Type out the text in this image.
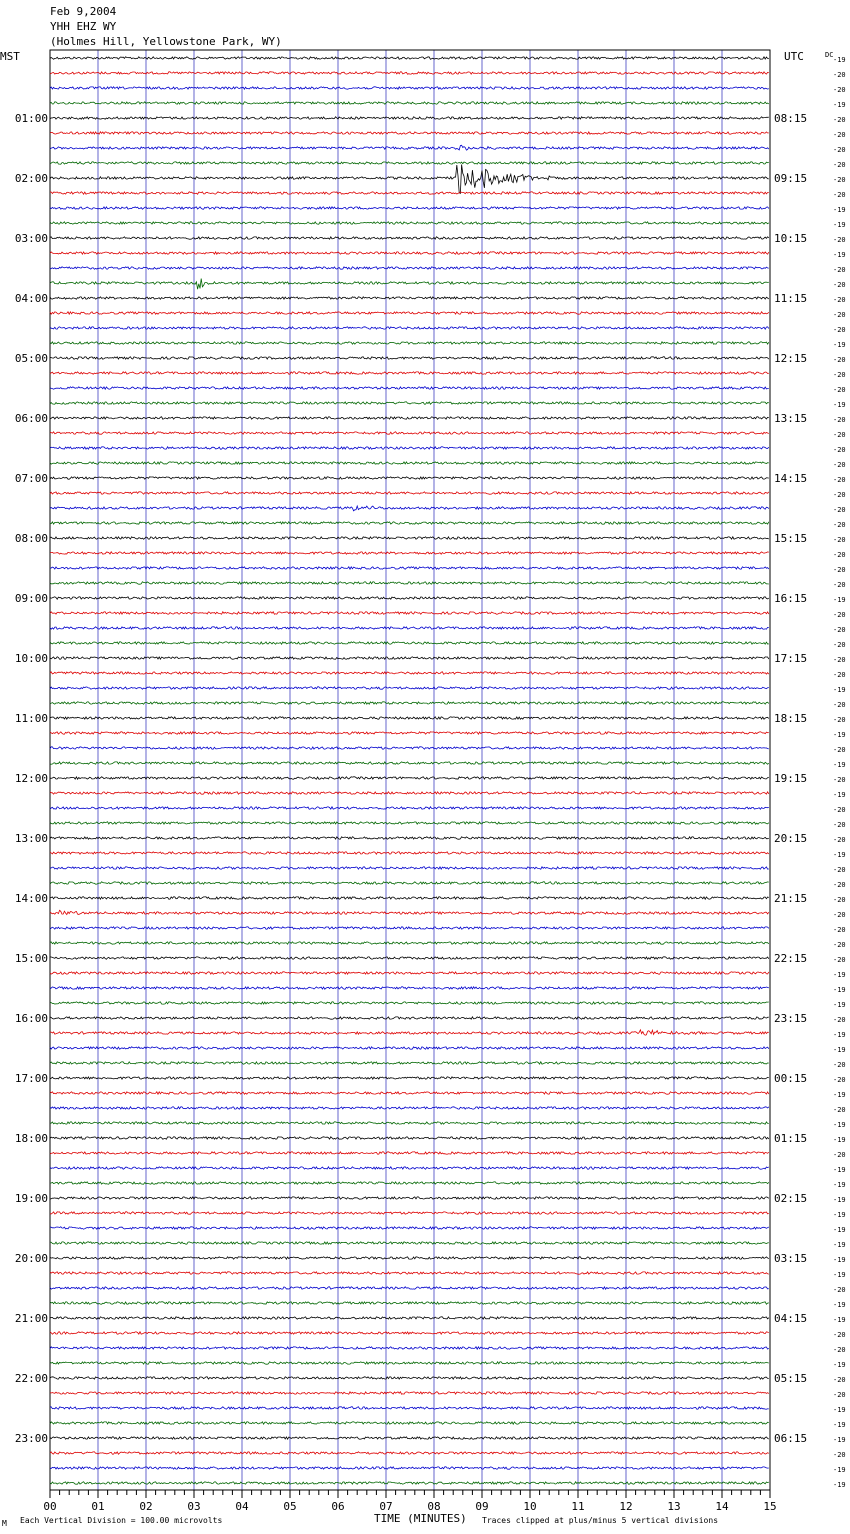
Feb 9,2004
YHH EHZ WY
(Holmes Hill, Yellowstone Park, WY)
01:00
02:00
03:00
04:00
05:00
06:00
07:00
08:00
09:00
10:00
11:00
12:00
13:00
14:00
15:00
16:00
17:00
18:00
19:00
20:00
21:00
22:00
23:00
08:15
09:15
10:15
11:15
12:15
13:15
14:15
15:15
16:15
17:15
18:15
19:15
20:15
21:15
22:15
23:15
00:15
01:15
02:15
03:15
04:15
05:15
06:15
-19
-20
-20
-19
-20
-20
-20
-20
-20
-20
-19
-19
-20
-19
-20
-20
-20
-20
-20
-19
-20
-20
-20
-19
-20
-20
-20
-20
-20
-20
-20
-20
-20
-20
-20
-20
-19
-20
-20
-20
-20
-20
-19
-20
-20
-19
-20
-19
-20
-19
-20
-20
-20
-19
-20
-20
-20
-20
-20
-20
-20
-19
-19
-19
-20
-19
-19
-20
-20
-19
-20
-19
-19
-20
-19
-19
-19
-19
-19
-19
-19
-19
-20
-19
-19
-20
-20
-19
-20
-20
-19
-19
-19
-20
-19
-19
00	01	02	03	04	05	06	07	08	09	10	11	12	13	14	15
MST	UTC	DC
TIME (MINUTES)
Each Vertical Division = 100.00 microvolts	Traces clipped at plus/minus 5 vertical divisions
M
